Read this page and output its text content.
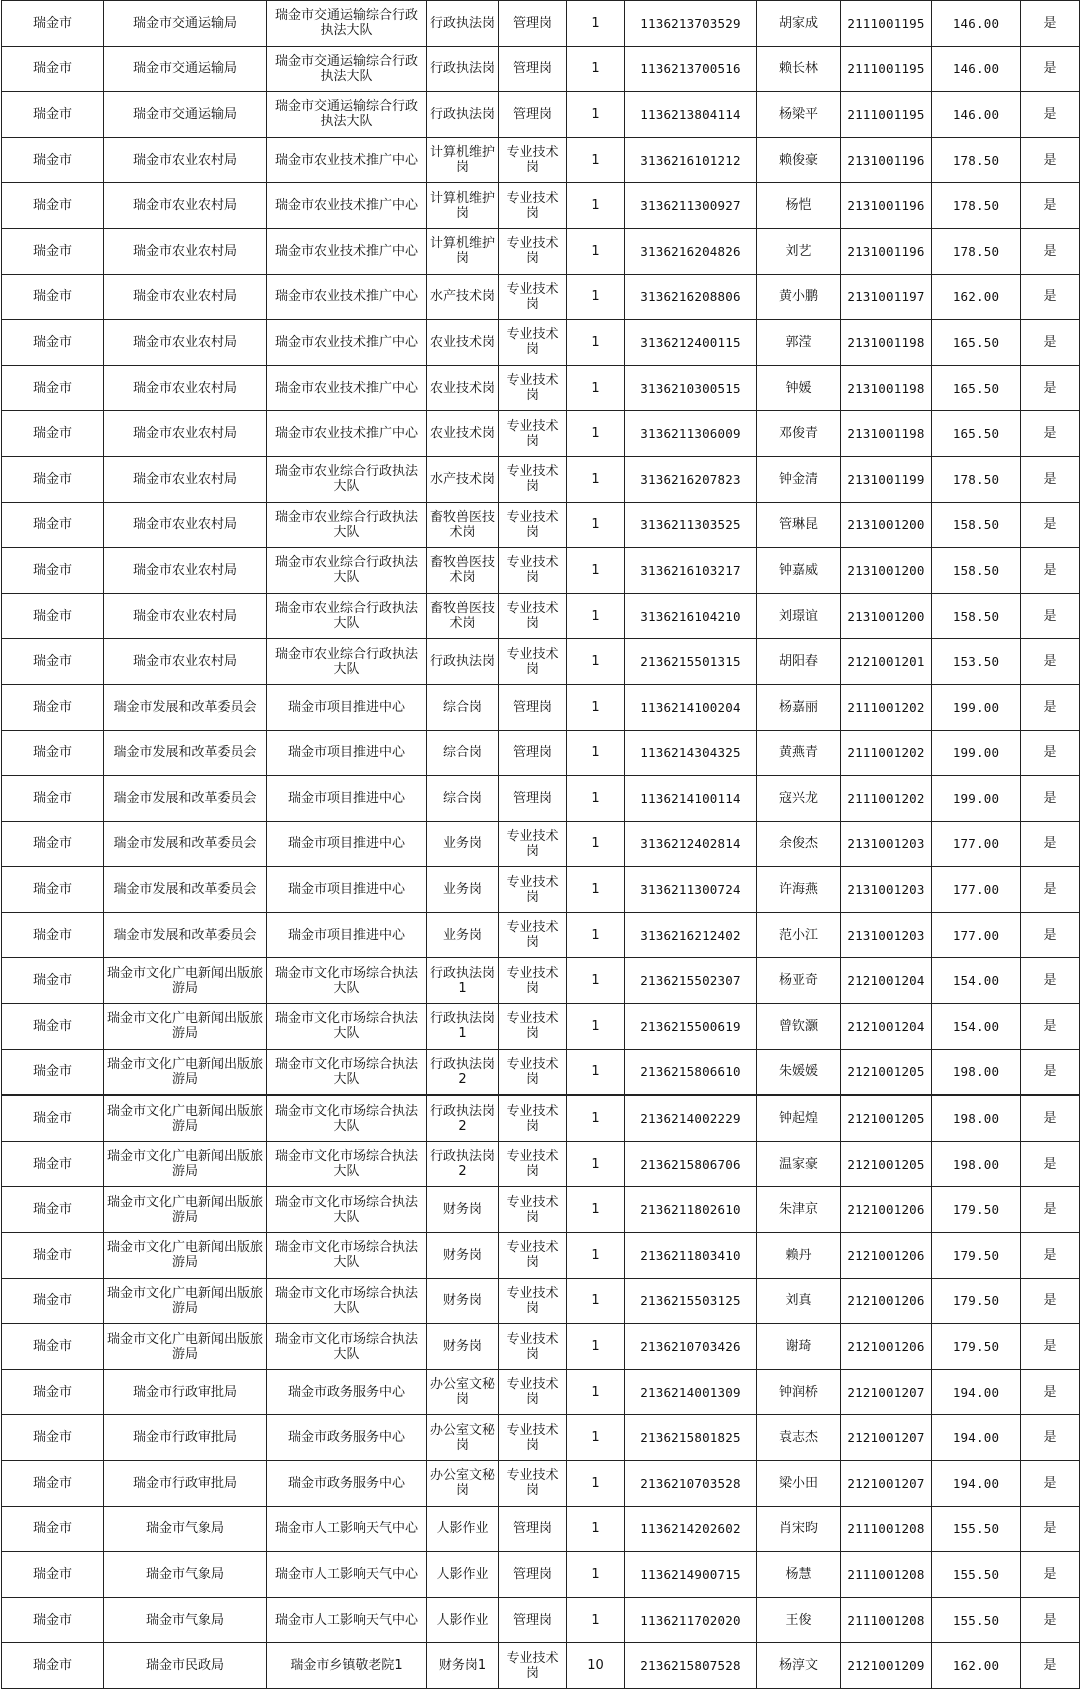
瑞金市	瑞金市交通运输局	瑞金市交通运输综合行政执法大队	行政执法岗	管理岗	1	1136213703529	胡家成	2111001195	146.00	是
瑞金市	瑞金市交通运输局	瑞金市交通运输综合行政执法大队	行政执法岗	管理岗	1	1136213700516	赖长林	2111001195	146.00	是
瑞金市	瑞金市交通运输局	瑞金市交通运输综合行政执法大队	行政执法岗	管理岗	1	1136213804114	杨梁平	2111001195	146.00	是
瑞金市	瑞金市农业农村局	瑞金市农业技术推广中心	计算机维护岗	专业技术岗	1	3136216101212	赖俊豪	2131001196	178.50	是
瑞金市	瑞金市农业农村局	瑞金市农业技术推广中心	计算机维护岗	专业技术岗	1	3136211300927	杨恺	2131001196	178.50	是
瑞金市	瑞金市农业农村局	瑞金市农业技术推广中心	计算机维护岗	专业技术岗	1	3136216204826	刘艺	2131001196	178.50	是
瑞金市	瑞金市农业农村局	瑞金市农业技术推广中心	水产技术岗	专业技术岗	1	3136216208806	黄小鹏	2131001197	162.00	是
瑞金市	瑞金市农业农村局	瑞金市农业技术推广中心	农业技术岗	专业技术岗	1	3136212400115	郭滢	2131001198	165.50	是
瑞金市	瑞金市农业农村局	瑞金市农业技术推广中心	农业技术岗	专业技术岗	1	3136210300515	钟媛	2131001198	165.50	是
瑞金市	瑞金市农业农村局	瑞金市农业技术推广中心	农业技术岗	专业技术岗	1	3136211306009	邓俊青	2131001198	165.50	是
瑞金市	瑞金市农业农村局	瑞金市农业综合行政执法大队	水产技术岗	专业技术岗	1	3136216207823	钟金清	2131001199	178.50	是
瑞金市	瑞金市农业农村局	瑞金市农业综合行政执法大队	畜牧兽医技术岗	专业技术岗	1	3136211303525	管琳昆	2131001200	158.50	是
瑞金市	瑞金市农业农村局	瑞金市农业综合行政执法大队	畜牧兽医技术岗	专业技术岗	1	3136216103217	钟嘉威	2131001200	158.50	是
瑞金市	瑞金市农业农村局	瑞金市农业综合行政执法大队	畜牧兽医技术岗	专业技术岗	1	3136216104210	刘璟谊	2131001200	158.50	是
瑞金市	瑞金市农业农村局	瑞金市农业综合行政执法大队	行政执法岗	专业技术岗	1	2136215501315	胡阳春	2121001201	153.50	是
瑞金市	瑞金市发展和改革委员会	瑞金市项目推进中心	综合岗	管理岗	1	1136214100204	杨嘉丽	2111001202	199.00	是
瑞金市	瑞金市发展和改革委员会	瑞金市项目推进中心	综合岗	管理岗	1	1136214304325	黄燕青	2111001202	199.00	是
瑞金市	瑞金市发展和改革委员会	瑞金市项目推进中心	综合岗	管理岗	1	1136214100114	寇兴龙	2111001202	199.00	是
瑞金市	瑞金市发展和改革委员会	瑞金市项目推进中心	业务岗	专业技术岗	1	3136212402814	余俊杰	2131001203	177.00	是
瑞金市	瑞金市发展和改革委员会	瑞金市项目推进中心	业务岗	专业技术岗	1	3136211300724	许海燕	2131001203	177.00	是
瑞金市	瑞金市发展和改革委员会	瑞金市项目推进中心	业务岗	专业技术岗	1	3136216212402	范小江	2131001203	177.00	是
瑞金市	瑞金市文化广电新闻出版旅游局	瑞金市文化市场综合执法大队	行政执法岗1	专业技术岗	1	2136215502307	杨亚奇	2121001204	154.00	是
瑞金市	瑞金市文化广电新闻出版旅游局	瑞金市文化市场综合执法大队	行政执法岗1	专业技术岗	1	2136215500619	曾钦灏	2121001204	154.00	是
瑞金市	瑞金市文化广电新闻出版旅游局	瑞金市文化市场综合执法大队	行政执法岗2	专业技术岗	1	2136215806610	朱媛媛	2121001205	198.00	是
瑞金市	瑞金市文化广电新闻出版旅游局	瑞金市文化市场综合执法大队	行政执法岗2	专业技术岗	1	2136214002229	钟起煌	2121001205	198.00	是
瑞金市	瑞金市文化广电新闻出版旅游局	瑞金市文化市场综合执法大队	行政执法岗2	专业技术岗	1	2136215806706	温家豪	2121001205	198.00	是
瑞金市	瑞金市文化广电新闻出版旅游局	瑞金市文化市场综合执法大队	财务岗	专业技术岗	1	2136211802610	朱津京	2121001206	179.50	是
瑞金市	瑞金市文化广电新闻出版旅游局	瑞金市文化市场综合执法大队	财务岗	专业技术岗	1	2136211803410	赖丹	2121001206	179.50	是
瑞金市	瑞金市文化广电新闻出版旅游局	瑞金市文化市场综合执法大队	财务岗	专业技术岗	1	2136215503125	刘真	2121001206	179.50	是
瑞金市	瑞金市文化广电新闻出版旅游局	瑞金市文化市场综合执法大队	财务岗	专业技术岗	1	2136210703426	谢琦	2121001206	179.50	是
瑞金市	瑞金市行政审批局	瑞金市政务服务中心	办公室文秘岗	专业技术岗	1	2136214001309	钟润桥	2121001207	194.00	是
瑞金市	瑞金市行政审批局	瑞金市政务服务中心	办公室文秘岗	专业技术岗	1	2136215801825	袁志杰	2121001207	194.00	是
瑞金市	瑞金市行政审批局	瑞金市政务服务中心	办公室文秘岗	专业技术岗	1	2136210703528	梁小田	2121001207	194.00	是
瑞金市	瑞金市气象局	瑞金市人工影响天气中心	人影作业	管理岗	1	1136214202602	肖宋昀	2111001208	155.50	是
瑞金市	瑞金市气象局	瑞金市人工影响天气中心	人影作业	管理岗	1	1136214900715	杨慧	2111001208	155.50	是
瑞金市	瑞金市气象局	瑞金市人工影响天气中心	人影作业	管理岗	1	1136211702020	王俊	2111001208	155.50	是
瑞金市	瑞金市民政局	瑞金市乡镇敬老院1	财务岗1	专业技术岗	10	2136215807528	杨淳文	2121001209	162.00	是
